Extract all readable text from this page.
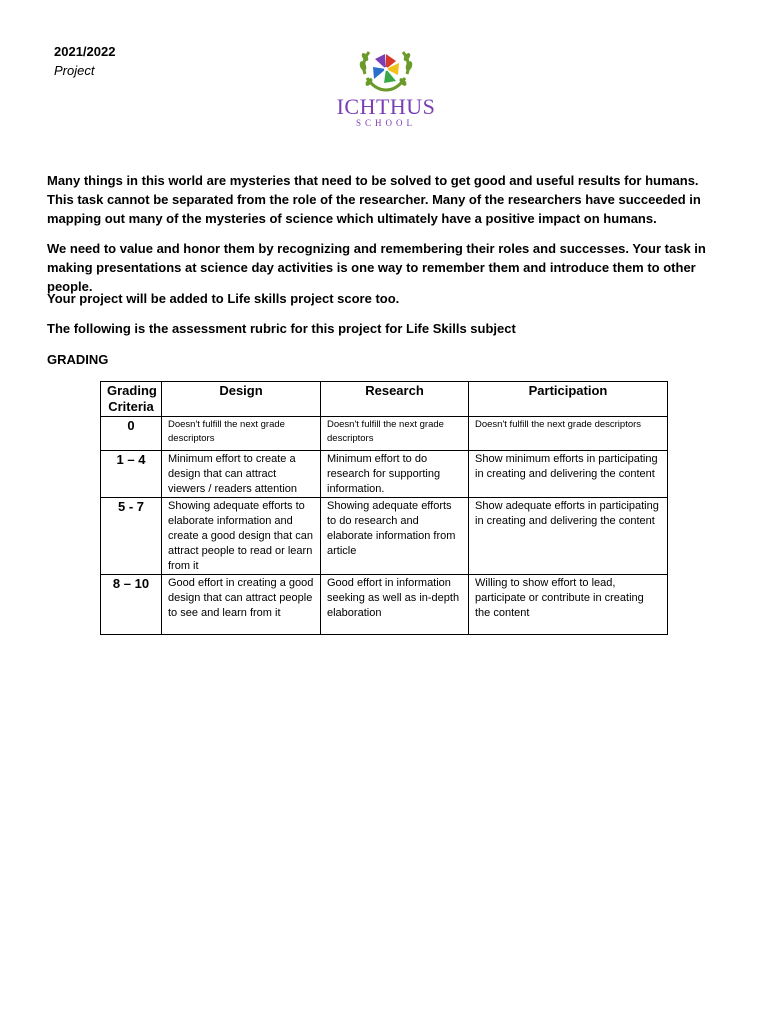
2021/2022
Project
ICHTHUS
SCHOOL
Many things in this world are mysteries that need to be solved to get good and useful results for humans. This task cannot be separated from the role of the researcher. Many of the researchers have succeeded in mapping out many of the mysteries of science which ultimately have a positive impact on humans.
We need to value and honor them by recognizing and remembering their roles and successes. Your task in making presentations at science day activities is one way to remember them and introduce them to other people.
Your project will be added to Life skills project score too.
The following is the assessment rubric for this project for Life Skills subject
GRADING
Grading Criteria	Design	Research	Participation
0	Doesn't fulfill the next grade descriptors	Doesn't fulfill the next grade descriptors	Doesn't fulfill the next grade descriptors
1 – 4	Minimum effort to create a design that can attract viewers / readers attention	Minimum effort to do research for supporting information.	Show minimum efforts in participating in creating and delivering the content
5 - 7	Showing adequate efforts to elaborate information and create a good design that can attract people to read or learn from it	Showing adequate efforts to do research and elaborate information from article	Show adequate efforts in participating in creating and delivering the content
8 – 10	Good effort in creating a good design that can attract people to see and learn from it	Good effort in information seeking as well as in-depth elaboration	Willing to show effort to lead, participate or contribute in creating the content
